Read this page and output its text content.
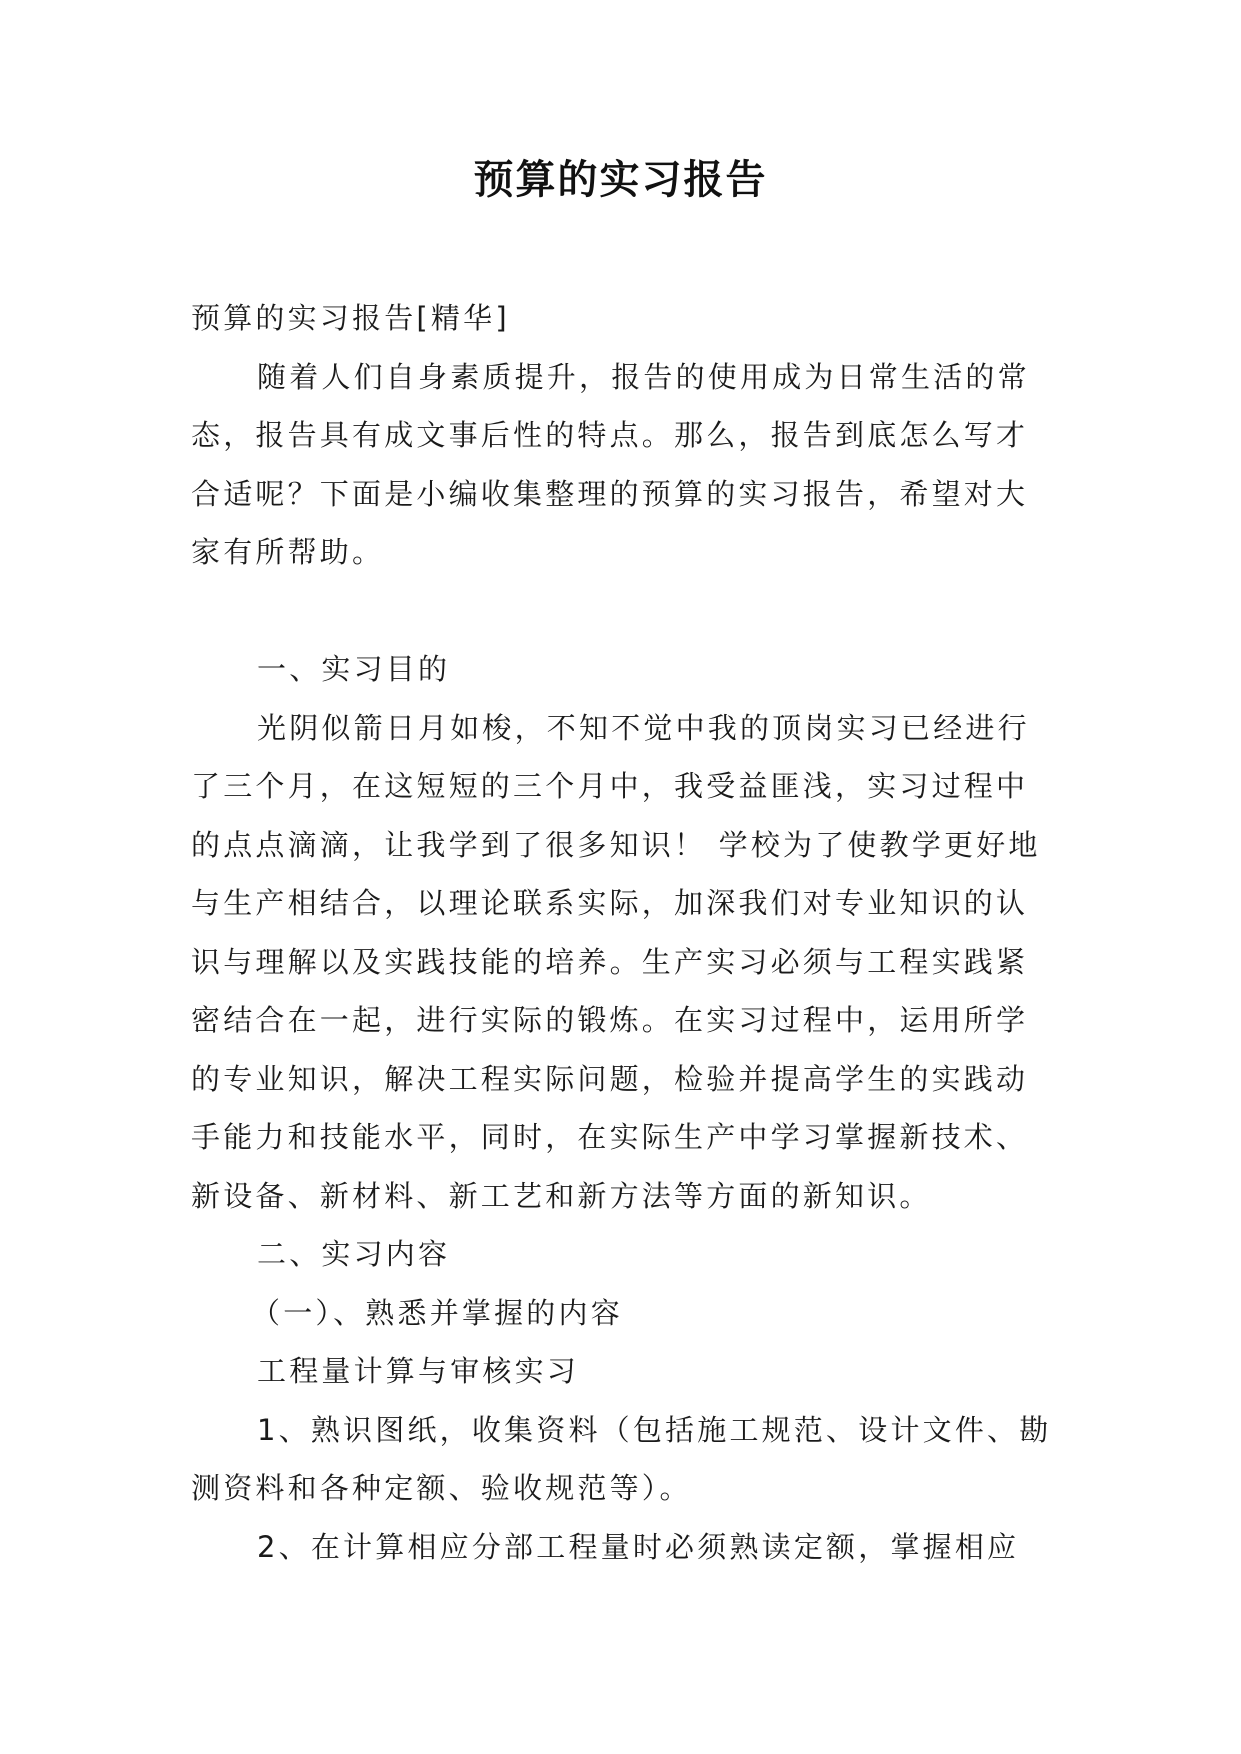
预算的实习报告

预算的实习报告[精华]

随着人们自身素质提升，报告的使用成为日常生活的常态，报告具有成文事后性的特点。那么，报告到底怎么写才合适呢？下面是小编收集整理的预算的实习报告，希望对大家有所帮助。

一、实习目的

光阴似箭日月如梭，不知不觉中我的顶岗实习已经进行了三个月，在这短短的三个月中，我受益匪浅，实习过程中的点点滴滴，让我学到了很多知识！ 学校为了使教学更好地与生产相结合，以理论联系实际，加深我们对专业知识的认识与理解以及实践技能的培养。生产实习必须与工程实践紧密结合在一起，进行实际的锻炼。在实习过程中，运用所学的专业知识，解决工程实际问题，检验并提高学生的实践动手能力和技能水平，同时，在实际生产中学习掌握新技术、新设备、新材料、新工艺和新方法等方面的新知识。

二、实习内容

（一）、熟悉并掌握的内容

工程量计算与审核实习

1、熟识图纸，收集资料（包括施工规范、设计文件、勘测资料和各种定额、验收规范等）。

2、在计算相应分部工程量时必须熟读定额，掌握相应
